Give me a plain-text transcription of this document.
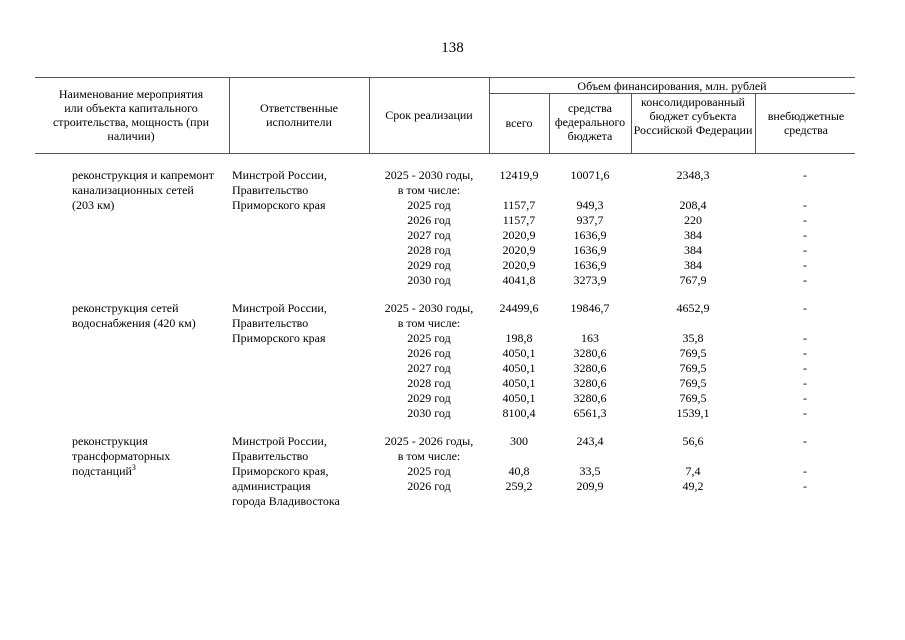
138
Наименование мероприятия или объекта капитального строительства, мощность (при наличии)
Ответственные исполнители	Срок реализации
Объем финансирования, млн. рублей
всего
средства федерального бюджета
консолидированный бюджет субъекта Российской Федерации
внебюджетные средства
реконструкция и капремонт
канализационных сетей
(203 км)
Минстрой России,
Правительство
Приморского края
2025 - 2030 годы,
в том числе:
2025 год
2026 год
2027 год
2028 год
2029 год
2030 год
12419,9
1157,7
1157,7
2020,9
2020,9
2020,9
4041,8
10071,6
949,3
937,7
1636,9
1636,9
1636,9
3273,9
2348,3
208,4
220
384
384
384
767,9
-
-
-
-
-
-
-
реконструкция сетей
водоснабжения (420 км)
Минстрой России,
Правительство
Приморского края
2025 - 2030 годы,
в том числе:
2025 год
2026 год
2027 год
2028 год
2029 год
2030 год
24499,6
198,8
4050,1
4050,1
4050,1
4050,1
8100,4
19846,7
163
3280,6
3280,6
3280,6
3280,6
6561,3
4652,9
35,8
769,5
769,5
769,5
769,5
1539,1
-
-
-
-
-
-
-
реконструкция
трансформаторных
подстанций$^3$
Минстрой России,
Правительство
Приморского края,
администрация
города Владивостока
2025 - 2026 годы,
в том числе:
2025 год
2026 год
300
40,8
259,2
243,4
33,5
209,9
56,6
7,4
49,2
-
-
-
